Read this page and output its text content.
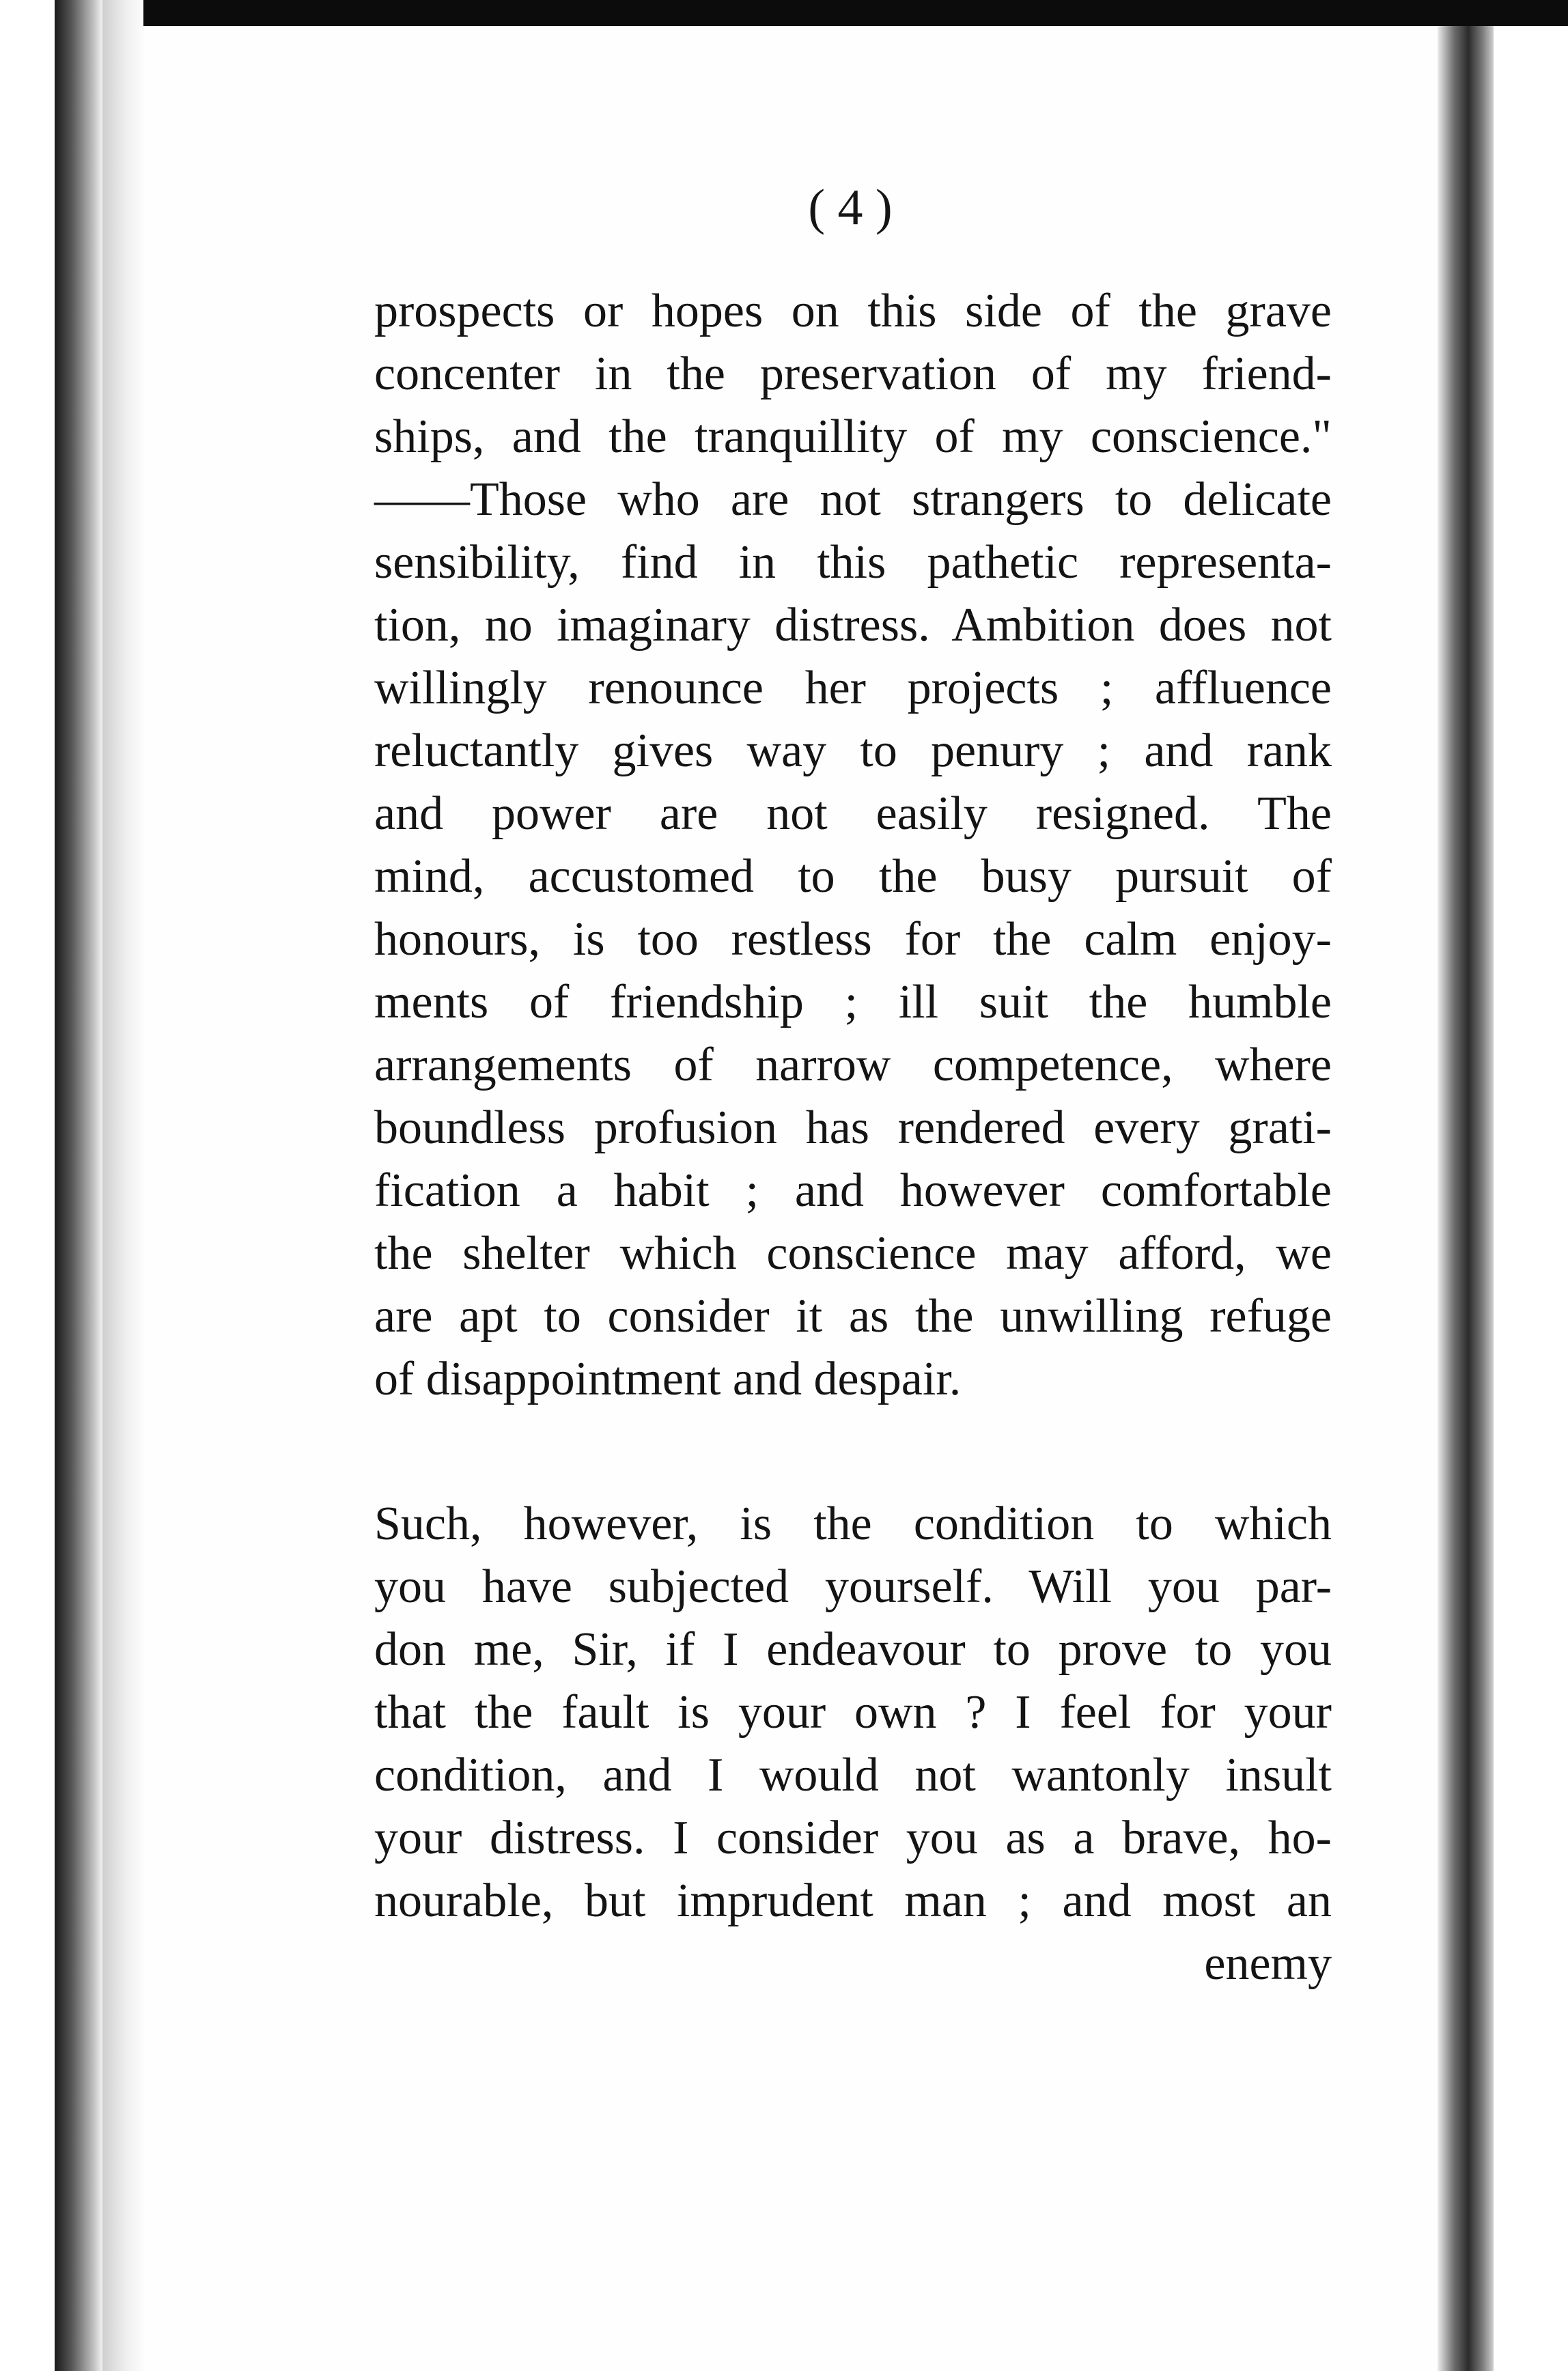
( 4 )
prospects or hopes on this side of the grave
concenter in the preservation of my friend-
ships, and the tranquillity of my conscience."
——Those who are not strangers to delicate
sensibility, find in this pathetic representa-
tion, no imaginary distress. Ambition does not
willingly renounce her projects ; affluence
reluctantly gives way to penury ; and rank
and power are not easily resigned. The
mind, accustomed to the busy pursuit of
honours, is too restless for the calm enjoy-
ments of friendship ; ill suit the humble
arrangements of narrow competence, where
boundless profusion has rendered every grati-
fication a habit ; and however comfortable
the shelter which conscience may afford, we
are apt to consider it as the unwilling refuge
of disappointment and despair.
Such, however, is the condition to which
you have subjected yourself. Will you par-
don me, Sir, if I endeavour to prove to you
that the fault is your own ? I feel for your
condition, and I would not wantonly insult
your distress. I consider you as a brave, ho-
nourable, but imprudent man ; and most an
enemy
